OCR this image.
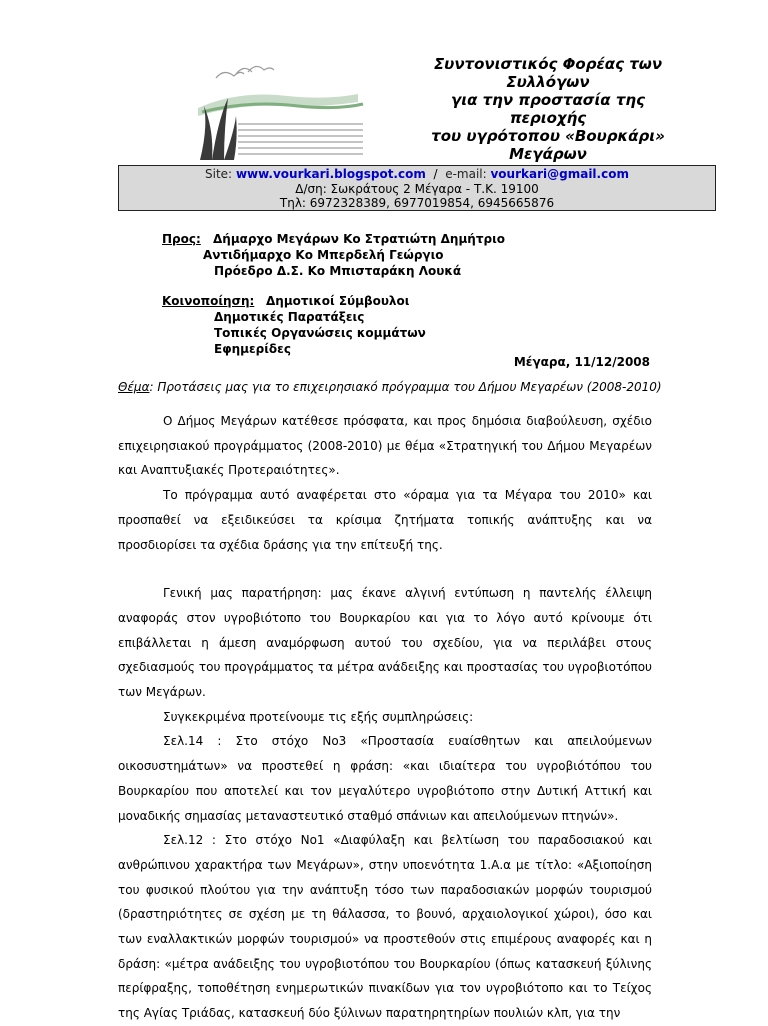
Συντονιστικός Φορέας των
Συλλόγων
για την προστασία της
περιοχής
του υγρότοπου «Βουρκάρι»
Μεγάρων
Site: www.vourkari.blogspot.com / e-mail: vourkari@gmail.com
Δ/ση: Σωκράτους 2 Μέγαρα - Τ.Κ. 19100
Τηλ: 6972328389, 6977019854, 6945665876
Προς: Δήμαρχο Μεγάρων Κο Στρατιώτη Δημήτριο
Αντιδήμαρχο Κο Μπερδελή Γεώργιο
Πρόεδρο Δ.Σ. Κο Μπισταράκη Λουκά
Κοινοποίηση: Δημοτικοί Σύμβουλοι
Δημοτικές Παρατάξεις
Τοπικές Οργανώσεις κομμάτων
Εφημερίδες
Μέγαρα, 11/12/2008
Θέμα: Προτάσεις μας για το επιχειρησιακό πρόγραμμα του Δήμου Μεγαρέων (2008-2010)

Ο Δήμος Μεγάρων κατέθεσε πρόσφατα, και προς δημόσια διαβούλευση, σχέδιο επιχειρησιακού προγράμματος (2008-2010) με θέμα «Στρατηγική του Δήμου Μεγαρέων και Αναπτυξιακές Προτεραιότητες».

Το πρόγραμμα αυτό αναφέρεται στο «όραμα για τα Μέγαρα του 2010» και προσπαθεί να εξειδικεύσει τα κρίσιμα ζητήματα τοπικής ανάπτυξης και να προσδιορίσει τα σχέδια δράσης για την επίτευξή της.

Γενική μας παρατήρηση: μας έκανε αλγινή εντύπωση η παντελής έλλειψη αναφοράς στον υγροβιότοπο του Βουρκαρίου και για το λόγο αυτό κρίνουμε ότι επιβάλλεται η άμεση αναμόρφωση αυτού του σχεδίου, για να περιλάβει στους σχεδιασμούς του προγράμματος τα μέτρα ανάδειξης και προστασίας του υγροβιοτόπου των Μεγάρων.

Συγκεκριμένα προτείνουμε τις εξής συμπληρώσεις:

Σελ.14 : Στο στόχο Νο3 «Προστασία ευαίσθητων και απειλούμενων οικοσυστημάτων» να προστεθεί η φράση: «και ιδιαίτερα του υγροβιότόπου του Βουρκαρίου που αποτελεί και τον μεγαλύτερο υγροβιότοπο στην Δυτική Αττική και μοναδικής σημασίας μεταναστευτικό σταθμό σπάνιων και απειλούμενων πτηνών».

Σελ.12 : Στο στόχο Νο1 «Διαφύλαξη και βελτίωση του παραδοσιακού και ανθρώπινου χαρακτήρα των Μεγάρων», στην υποενότητα 1.Α.α με τίτλο: «Αξιοποίηση του φυσικού πλούτου για την ανάπτυξη τόσο των παραδοσιακών μορφών τουρισμού (δραστηριότητες σε σχέση με τη θάλασσα, το βουνό, αρχαιολογικοί χώροι), όσο και των εναλλακτικών μορφών τουρισμού» να προστεθούν στις επιμέρους αναφορές και η δράση: «μέτρα ανάδειξης του υγροβιοτόπου του Βουρκαρίου (όπως κατασκευή ξύλινης περίφραξης, τοποθέτηση ενημερωτικών πινακίδων για τον υγροβιότοπο και το Τείχος της Αγίας Τριάδας, κατασκευή δύο ξύλινων παρατηρητηρίων πουλιών κλπ, για την
